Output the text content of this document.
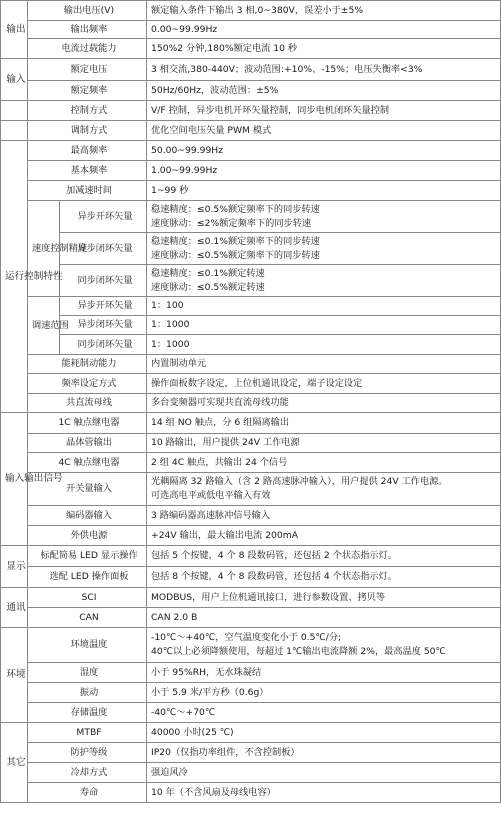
输出	输出电压(V)		额定输入条件下输出 3 相,0~380V，误差小于±5%
	输出频率		0.00~99.99Hz
	电流过载能力		150%2 分钟,180%额定电流 10 秒
输入	额定电压		3 相交流,380-440V；波动范围:+10%、-15%；电压失衡率<3%
	额定频率		50Hz/60Hz，波动范围：±5%
	控制方式		V/F 控制，异步电机开环矢量控制，同步电机闭环矢量控制
	调制方式		优化空间电压矢量 PWM 模式
运行控制特性	最高频率		50.00~99.99Hz
	基本频率		1.00~99.99Hz
	加减速时间		1~99 秒
	速度控制精度	异步开环矢量	稳速精度：≤0.5%额定频率下的同步转速
速度脉动：≤2%额定频率下的同步转速

		异步闭环矢量	稳速精度：≤0.1%额定频率下的同步转速
速度脉动：≤0.5%额定频率下的同步转速

		同步闭环矢量	稳速精度：≤0.1%额定转速
速度脉动：≤0.5%额定转速

	调速范围	异步开环矢量	1：100
		异步闭环矢量	1：1000
		同步闭环矢量	1：1000
	能耗制动能力		内置制动单元
	频率设定方式		操作面板数字设定，上位机通讯设定，端子设定设定
	共直流母线		多台变频器可实现共直流母线功能
输入输出信号	1C 触点继电器		14 组 NO 触点，分 6 组隔离输出
	晶体管输出		10 路输出，用户提供 24V 工作电源
	4C 触点继电器		2 组 4C 触点，共输出 24 个信号
	开关量输入		光耦隔离 32 路输入（含 2 路高速脉冲输入），用户提供 24V 工作电源。
可选高电平或低电平输入有效

	编码器输入		3 路编码器高速脉冲信号输入
	外供电源		+24V 输出，最大输出电流 200mA
显示	标配简易 LED 显示操作		包括 5 个按键，4 个 8 段数码管，还包括 2 个状态指示灯。
	选配 LED 操作面板		包括 8 个按键，4 个 8 段数码管，还包括 4 个状态指示灯。
通讯	SCI		MODBUS，用户上位机通讯接口，进行参数设置、拷贝等
	CAN		CAN 2.0 B
环境	环境温度		-10℃～+40℃，空气温度变化小于 0.5℃/分;
40℃以上必须降额使用，每超过 1℃输出电流降额 2%，最高温度 50℃

	湿度		小于 95%RH，无水珠凝结
	振动		小于 5.9 米/平方秒（0.6g）
	存储温度		-40℃～+70℃
其它	MTBF		40000 小时(25 ℃)
	防护等级		IP20（仅指功率组件，不含控制板）
	冷却方式		强迫风冷
	寿命		10 年（不含风扇及母线电容）
